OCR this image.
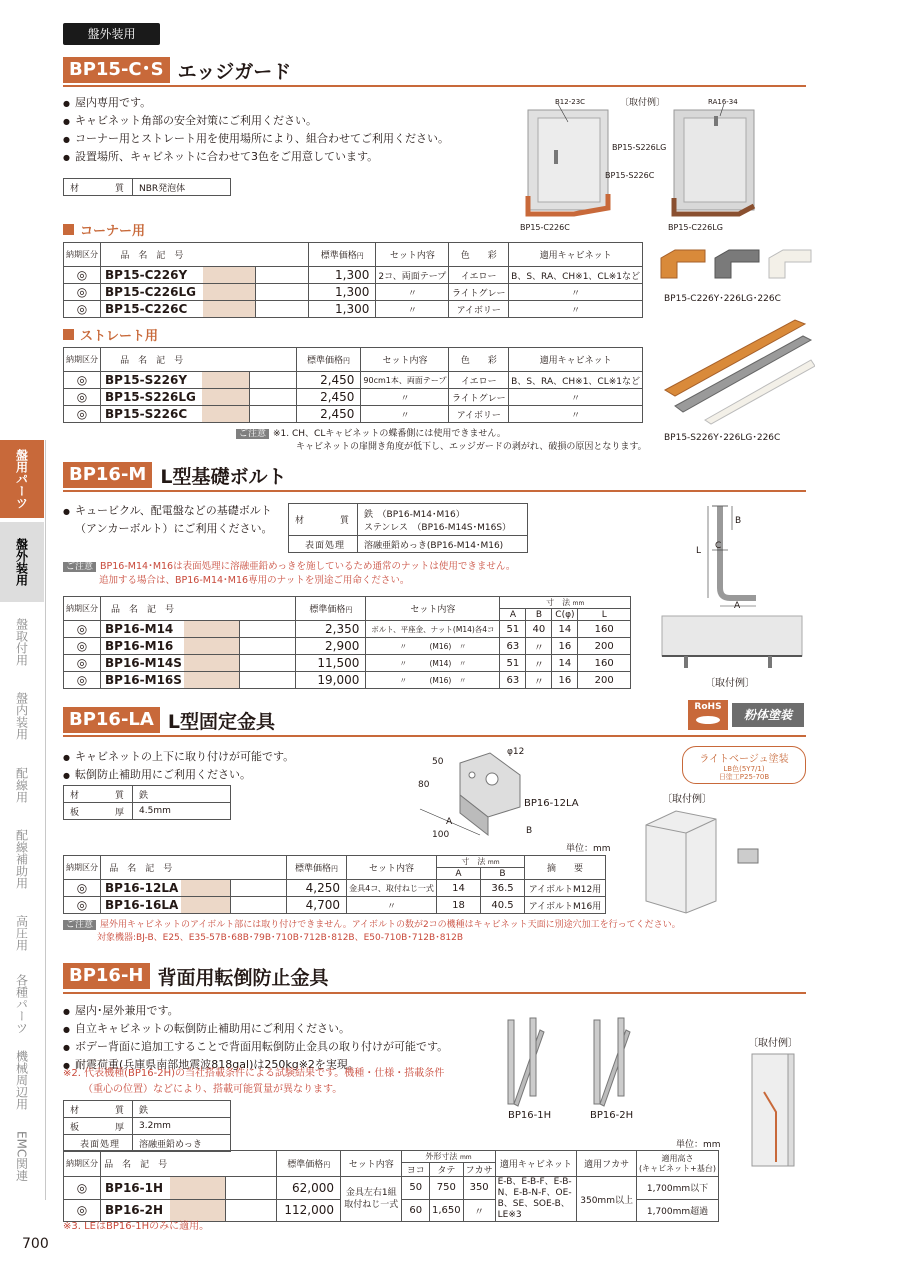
盤外装用
盤用パーツ
盤外装用
盤取付用
盤内装用
配線用
配線補助用
高圧用
各種パーツ
機械周辺用
EMC関連
BP15-C･S エッジガード
● 屋内専用です。
● キャビネット角部の安全対策にご利用ください。
● コーナー用とストレート用を使用場所により、組合わせてご利用ください。
● 設置場所、キャビネットに合わせて3色をご用意しています。
材　　質	NBR発泡体
B12-23C	〔取付例〕	RA16-34
BP15-S226LG
BP15-S226C
BP15-C226C	BP15-C226LG
BP15-C226Y･226LG･226C
コーナー用
納期区分	品　名　記　号			標準価格円	セット内容	色　　彩	適用キャビネット
◎	BP15-C226Y			1,300	2コ、両面テープ	イエロー	B、S、RA、CH※1、CL※1など
◎	BP15-C226LG			1,300	〃	ライトグレー	〃
◎	BP15-C226C			1,300	〃	アイボリー	〃
ストレート用
納期区分	品　名　記　号			標準価格円	セット内容	色　　彩	適用キャビネット
◎	BP15-S226Y			2,450	90cm1本、両面テープ	イエロー	B、S、RA、CH※1、CL※1など
◎	BP15-S226LG			2,450	〃	ライトグレー	〃
◎	BP15-S226C			2,450	〃	アイボリー	〃
BP15-S226Y･226LG･226C
ご注意 ※1. CH、CLキャビネットの蝶番側には使用できません。
キャビネットの扉開き角度が低下し、エッジガードの剥がれ、破損の原因となります。
BP16-M L型基礎ボルト
● キュービクル、配電盤などの基礎ボルト
（アンカーボルト）にご利用ください。
材　　質	鉄　（BP16-M14･M16）
ステンレス　（BP16-M14S･M16S）

表面処理	溶融亜鉛めっき(BP16-M14･M16)
ご注意 BP16-M14･M16は表面処理に溶融亜鉛めっきを施しているため通常のナットは使用できません。
追加する場合は、BP16-M14･M16専用のナットを別途ご用命ください。
納期区分	品　名　記　号			標準価格円	セット内容	寸　法 mm			
						A	B	C(φ)	L
◎	BP16-M14			2,350	ボルト、平座金、ナット(M14)各4コ	51	40	14	160
◎	BP16-M16			2,900	〃　　　(M16)　〃	63	〃	16	200
◎	BP16-M14S			11,500	〃　　　(M14)　〃	51	〃	14	160
◎	BP16-M16S			19,000	〃　　　(M16)　〃	63	〃	16	200
B
C
L
A
〔取付例〕
BP16-LA L型固定金具
RoHS
粉体塗装
ライトベージュ塗装
LB色(5Y7/1)
日塗工P25-70B
● キャビネットの上下に取り付けが可能です。
● 転倒防止補助用にご利用ください。
材　　質	鉄
板　　厚	4.5mm
50
φ12
80
BP16-12LA
A
B
100
単位：mm
〔取付例〕
納期区分	品　名　記　号			標準価格円	セット内容	寸　法 mm		摘　　要
						A	B	
◎	BP16-12LA			4,250	金具4コ、取付ねじ一式	14	36.5	アイボルトM12用
◎	BP16-16LA			4,700	〃	18	40.5	アイボルトM16用
ご注意 屋外用キャビネットのアイボルト部には取り付けできません。アイボルトの数が2コの機種はキャビネット天面に別途穴加工を行ってください。
対象機器:BJ-B、E25、E35-57B･68B･79B･710B･712B･812B、E50-710B･712B･812B
BP16-H 背面用転倒防止金具
● 屋内･屋外兼用です。
● 自立キャビネットの転倒防止補助用にご利用ください。
● ボデー背面に追加工することで背面用転倒防止金具の取り付けが可能です。
● 耐震荷重(兵庫県南部地震波818gal)は250kg※2を実現。
※2. 代表機種(BP16-2H)の当社搭載条件による試験結果です。機種・仕様・搭載条件
（重心の位置）などにより、搭載可能質量が異なります。
材　　質	鉄
板　　厚	3.2mm
表面処理	溶融亜鉛めっき
BP16-1H	BP16-2H
〔取付例〕
単位：mm
納期区分	品　名　記　号			標準価格円	セット内容	外形寸法 mm			適用キャビネット	適用フカサ	適用高さ
(キャビネット+基台)

						ヨコ	タテ	フカサ			
◎	BP16-1H			62,000	金具左右1組取付ねじ一式	50	750	350	E-B、E-B-F、E-B-N、E-B-N-F、OE-B、SE、SOE-B、LE※3	350mm以上	1,700mm以下
◎	BP16-2H			112,000		60	1,650	〃			1,700mm超過
※3. LEはBP16-1Hのみに適用。
700
